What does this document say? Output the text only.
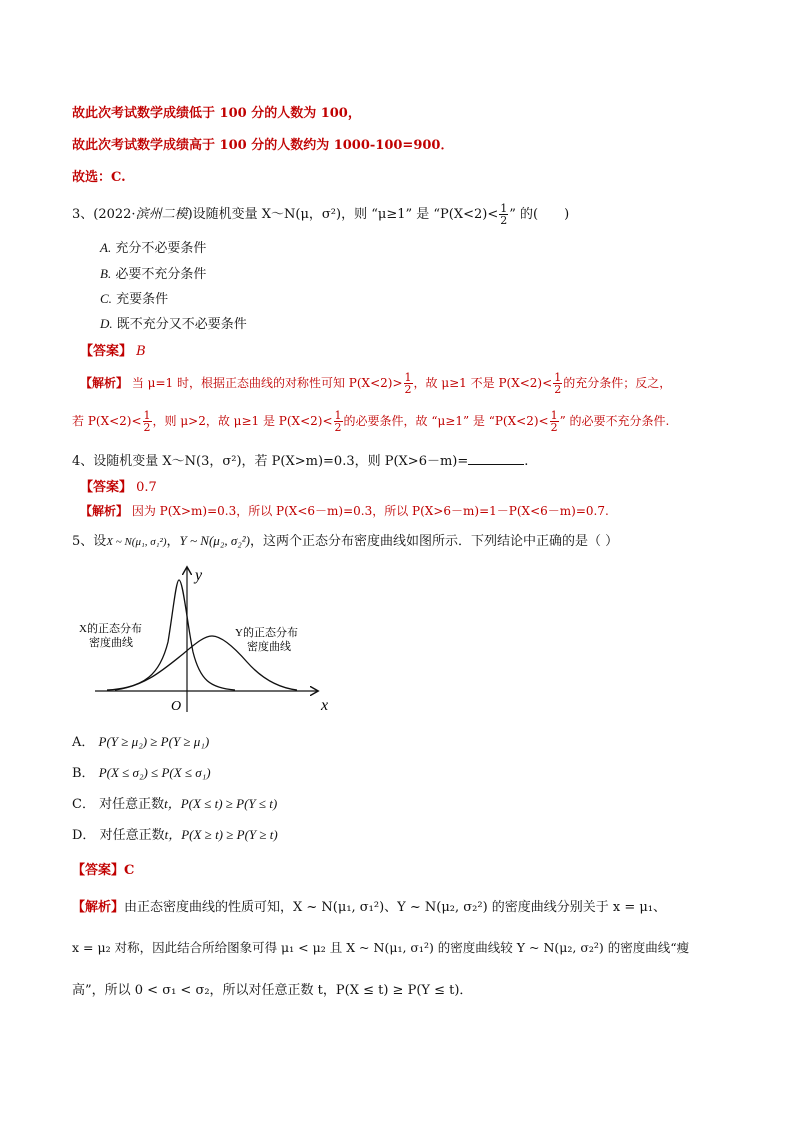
故此次考试数学成绩低于 100 分的人数为 100，
故此次考试数学成绩高于 100 分的人数约为 1000-100=900．
故选：C.
3、(2022·滨州二模)设随机变量 X～N(μ，σ²)，则 “μ≥1” 是 “$P(X<2)< \frac{1}{2}$ ” 的(　　)
A. 充分不必要条件
B. 必要不充分条件
C. 充要条件
D. 既不充分又不必要条件
【答案】 B
【解析】 当 μ=1 时，根据正态曲线的对称性可知 $P(X<2)> \frac{1}{2}$ ，故 μ≥1 不是 $P(X<2)< \frac{1}{2}$ 的充分条件；反之，
若 $P(X<2)< \frac{1}{2}$ ，则 μ>2，故 μ≥1 是 $P(X<2)< \frac{1}{2}$ 的必要条件，故 “μ≥1” 是 “$P(X<2)< \frac{1}{2}$ ” 的必要不充分条件.
4、设随机变量 X～N(3，σ²)，若 P(X>m)=0.3，则 P(X>6－m)=	.
【答案】 0.7
【解析】 因为 P(X>m)=0.3，所以 P(X<6－m)=0.3，所以 P(X>6－m)=1－P(X<6－m)=0.7.
5、设X ~ N(μ₁, σ₁²)，Y ~ N(μ₂, σ₂²)，这两个正态分布密度曲线如图所示．下列结论中正确的是（ ）
y
x
O
X的正态分布
密度曲线
Y的正态分布
密度曲线
A． P(Y ≥ μ₂) ≥ P(Y ≥ μ₁)
B． P(X ≤ σ₂) ≤ P(X ≤ σ₁)
C． 对任意正数t，P(X ≤ t) ≥ P(Y ≤ t)
D． 对任意正数t，P(X ≥ t) ≥ P(Y ≥ t)
【答案】C
【解析】由正态密度曲线的性质可知，X ~ N(μ₁, σ₁²)、Y ~ N(μ₂, σ₂²) 的密度曲线分别关于 x = μ₁、
x = μ₂ 对称，因此结合所给图象可得 μ₁ < μ₂ 且 X ~ N(μ₁, σ₁²) 的密度曲线较 Y ~ N(μ₂, σ₂²) 的密度曲线“瘦
高”，所以 0 < σ₁ < σ₂，所以对任意正数 t，P(X ≤ t) ≥ P(Y ≤ t)．
